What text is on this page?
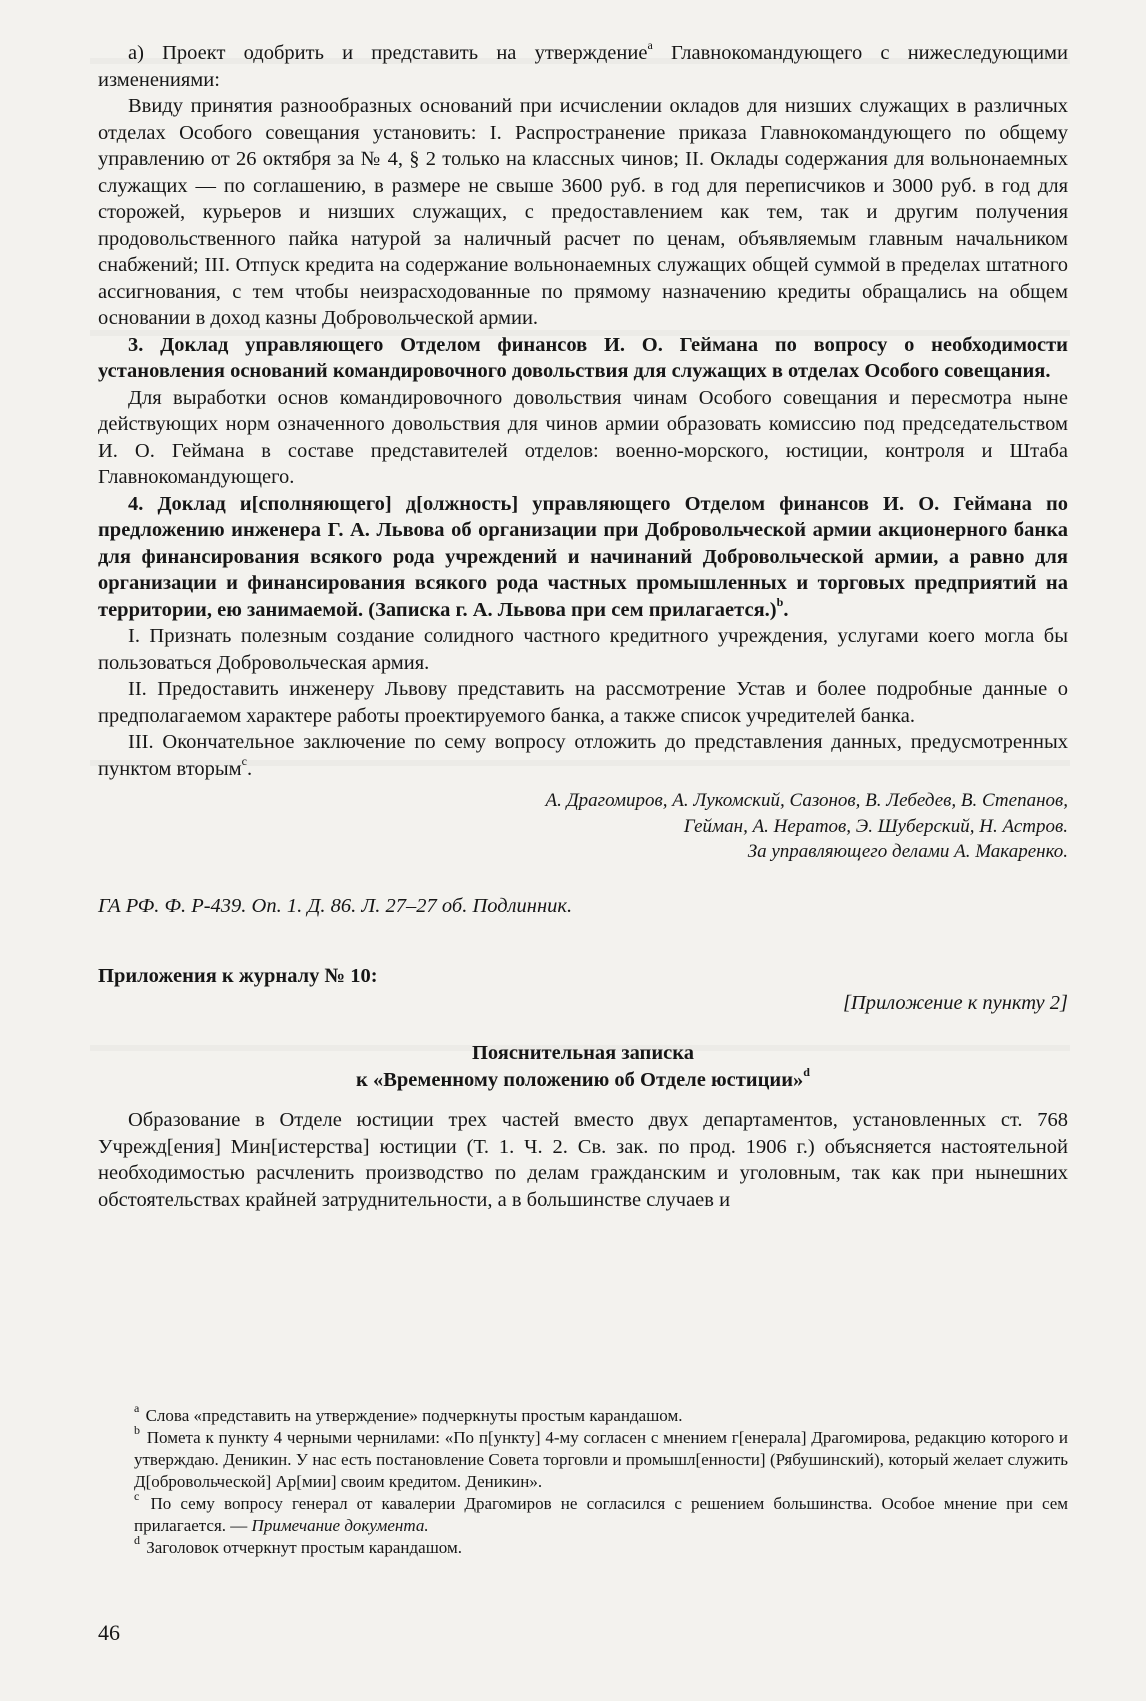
а) Проект одобрить и представить на утверждение$^a$ Главнокомандующего с нижеследующими изменениями:

Ввиду принятия разнообразных оснований при исчислении окладов для низших служащих в различных отделах Особого совещания установить: I. Распространение приказа Главнокомандующего по общему управлению от 26 октября за № 4, § 2 только на классных чинов; II. Оклады содержания для вольнонаемных служащих — по соглашению, в размере не свыше 3600 руб. в год для переписчиков и 3000 руб. в год для сторожей, курьеров и низших служащих, с предоставлением как тем, так и другим получения продовольственного пайка натурой за наличный расчет по ценам, объявляемым главным начальником снабжений; III. Отпуск кредита на содержание вольнонаемных служащих общей суммой в пределах штатного ассигнования, с тем чтобы неизрасходованные по прямому назначению кредиты обращались на общем основании в доход казны Добровольческой армии.

3. Доклад управляющего Отделом финансов И. О. Геймана по вопросу о необходимости установления оснований командировочного довольствия для служащих в отделах Особого совещания.

Для выработки основ командировочного довольствия чинам Особого совещания и пересмотра ныне действующих норм означенного довольствия для чинов армии образовать комиссию под председательством И. О. Геймана в составе представителей отделов: военно-морского, юстиции, контроля и Штаба Главнокомандующего.

4. Доклад и[сполняющего] д[олжность] управляющего Отделом финансов И. О. Геймана по предложению инженера Г. А. Львова об организации при Добровольческой армии акционерного банка для финансирования всякого рода учреждений и начинаний Добровольческой армии, а равно для организации и финансирования всякого рода частных промышленных и торговых предприятий на территории, ею занимаемой. (Записка г. А. Львова при сем прилагается.)$^b$.

I. Признать полезным создание солидного частного кредитного учреждения, услугами коего могла бы пользоваться Добровольческая армия.

II. Предоставить инженеру Львову представить на рассмотрение Устав и более подробные данные о предполагаемом характере работы проектируемого банка, а также список учредителей банка.

III. Окончательное заключение по сему вопросу отложить до представления данных, предусмотренных пунктом вторым$^c$.

А. Драгомиров, А. Лукомский, Сазонов, В. Лебедев, В. Степанов,
Гейман, А. Нератов, Э. Шуберский, Н. Астров.
За управляющего делами А. Макаренко.

ГА РФ. Ф. Р-439. Оп. 1. Д. 86. Л. 27–27 об. Подлинник.

Приложения к журналу № 10:

[Приложение к пункту 2]

Пояснительная записка
к «Временному положению об Отделе юстиции»$^d$

Образование в Отделе юстиции трех частей вместо двух департаментов, установленных ст. 768 Учрежд[ения] Мин[истерства] юстиции (Т. 1. Ч. 2. Св. зак. по прод. 1906 г.) объясняется настоятельной необходимостью расчленить производство по делам гражданским и уголовным, так как при нынешних обстоятельствах крайней затруднительности, а в большинстве случаев и

$^a$ Слова «представить на утверждение» подчеркнуты простым карандашом.

$^b$ Помета к пункту 4 черными чернилами: «По п[ункту] 4-му согласен с мнением г[енерала] Драгомирова, редакцию которого и утверждаю. Деникин. У нас есть постановление Совета торговли и промышл[енности] (Рябушинский), который желает служить Д[обровольческой] Ар[мии] своим кредитом. Деникин».

$^c$ По сему вопросу генерал от кавалерии Драгомиров не согласился с решением большинства. Особое мнение при сем прилагается. — Примечание документа.

$^d$ Заголовок отчеркнут простым карандашом.

46
